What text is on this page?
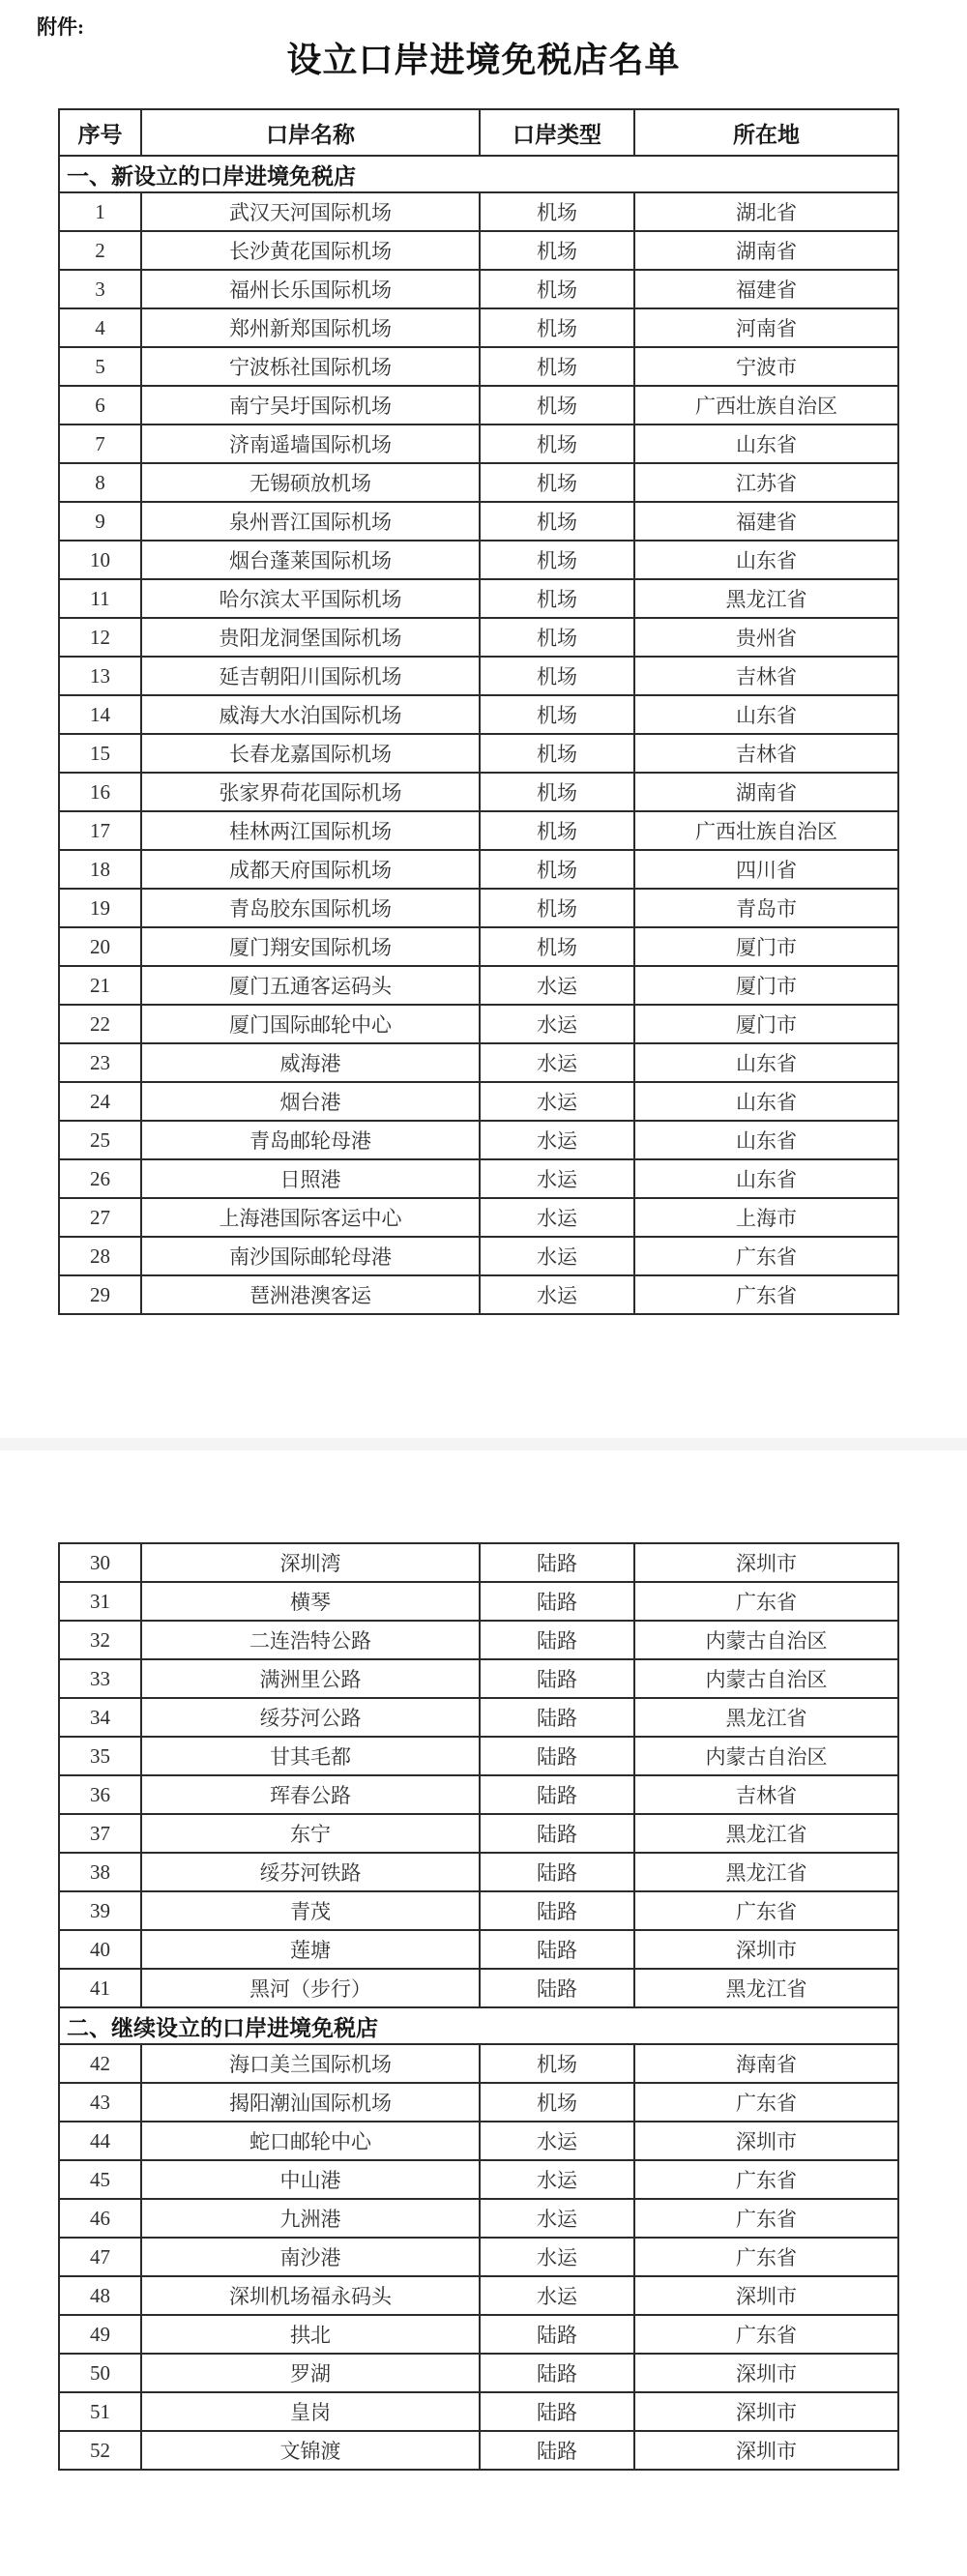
附件:
设立口岸进境免税店名单
序号	口岸名称	口岸类型	所在地
一、新设立的口岸进境免税店			
1	武汉天河国际机场	机场	湖北省
2	长沙黄花国际机场	机场	湖南省
3	福州长乐国际机场	机场	福建省
4	郑州新郑国际机场	机场	河南省
5	宁波栎社国际机场	机场	宁波市
6	南宁吴圩国际机场	机场	广西壮族自治区
7	济南遥墙国际机场	机场	山东省
8	无锡硕放机场	机场	江苏省
9	泉州晋江国际机场	机场	福建省
10	烟台蓬莱国际机场	机场	山东省
11	哈尔滨太平国际机场	机场	黑龙江省
12	贵阳龙洞堡国际机场	机场	贵州省
13	延吉朝阳川国际机场	机场	吉林省
14	威海大水泊国际机场	机场	山东省
15	长春龙嘉国际机场	机场	吉林省
16	张家界荷花国际机场	机场	湖南省
17	桂林两江国际机场	机场	广西壮族自治区
18	成都天府国际机场	机场	四川省
19	青岛胶东国际机场	机场	青岛市
20	厦门翔安国际机场	机场	厦门市
21	厦门五通客运码头	水运	厦门市
22	厦门国际邮轮中心	水运	厦门市
23	威海港	水运	山东省
24	烟台港	水运	山东省
25	青岛邮轮母港	水运	山东省
26	日照港	水运	山东省
27	上海港国际客运中心	水运	上海市
28	南沙国际邮轮母港	水运	广东省
29	琶洲港澳客运	水运	广东省
30	深圳湾	陆路	深圳市
31	横琴	陆路	广东省
32	二连浩特公路	陆路	内蒙古自治区
33	满洲里公路	陆路	内蒙古自治区
34	绥芬河公路	陆路	黑龙江省
35	甘其毛都	陆路	内蒙古自治区
36	珲春公路	陆路	吉林省
37	东宁	陆路	黑龙江省
38	绥芬河铁路	陆路	黑龙江省
39	青茂	陆路	广东省
40	莲塘	陆路	深圳市
41	黑河（步行）	陆路	黑龙江省
二、继续设立的口岸进境免税店			
42	海口美兰国际机场	机场	海南省
43	揭阳潮汕国际机场	机场	广东省
44	蛇口邮轮中心	水运	深圳市
45	中山港	水运	广东省
46	九洲港	水运	广东省
47	南沙港	水运	广东省
48	深圳机场福永码头	水运	深圳市
49	拱北	陆路	广东省
50	罗湖	陆路	深圳市
51	皇岗	陆路	深圳市
52	文锦渡	陆路	深圳市
